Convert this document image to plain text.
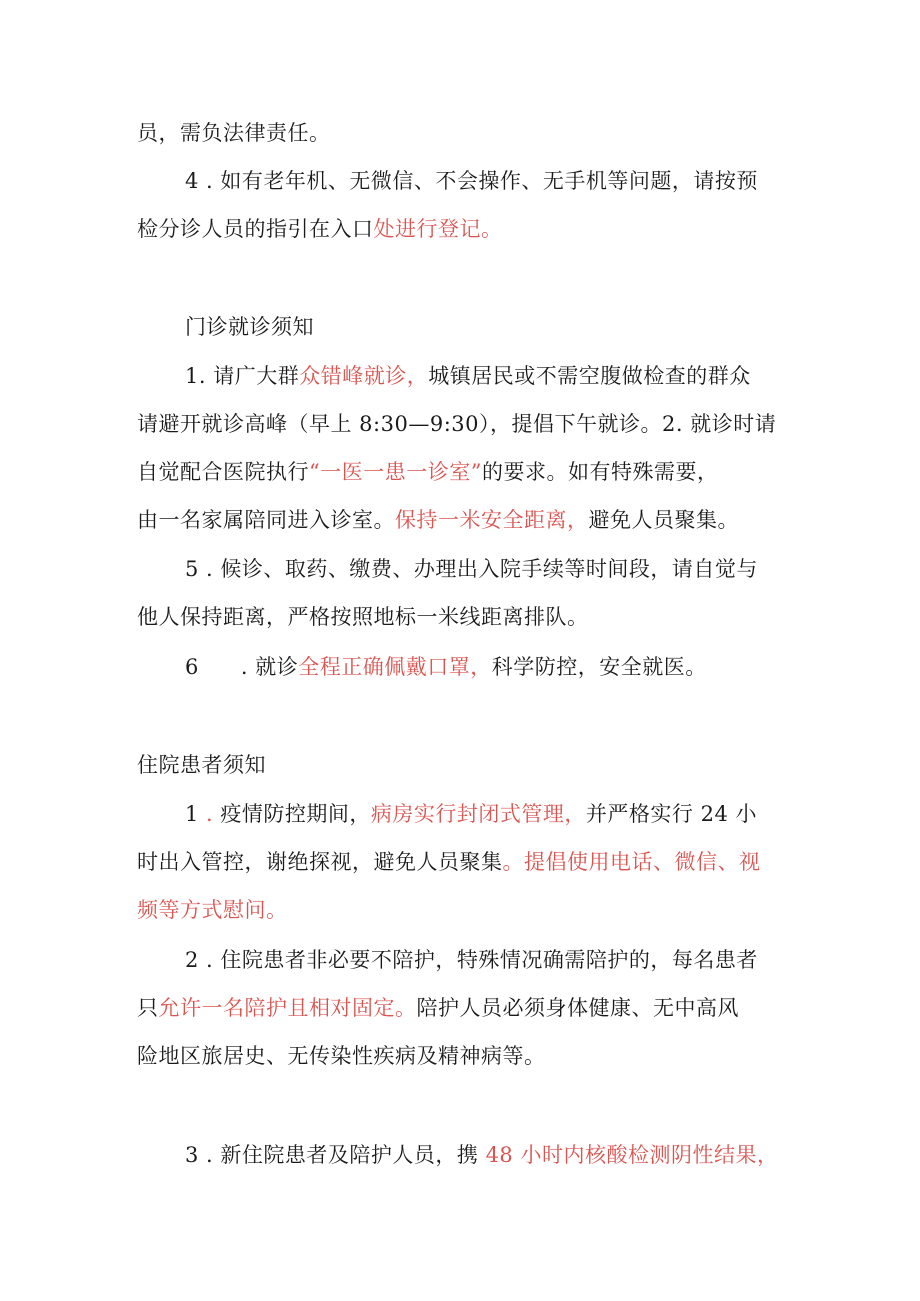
员，需负法律责任。
4 . 如有老年机、无微信、不会操作、无手机等问题，请按预
检分诊人员的指引在入口处进行登记。
门诊就诊须知
1. 请广大群众错峰就诊，城镇居民或不需空腹做检查的群众
请避开就诊高峰（早上 8:30—9:30），提倡下午就诊。2. 就诊时请
自觉配合医院执行“一医一患一诊室”的要求。如有特殊需要，
由一名家属陪同进入诊室。保持一米安全距离，避免人员聚集。
5 . 候诊、取药、缴费、办理出入院手续等时间段，请自觉与
他人保持距离，严格按照地标一米线距离排队。
6 . 就诊全程正确佩戴口罩，科学防控，安全就医。
住院患者须知
1 . 疫情防控期间，病房实行封闭式管理，并严格实行 24 小
时出入管控，谢绝探视，避免人员聚集。提倡使用电话、微信、视
频等方式慰问。
2 . 住院患者非必要不陪护，特殊情况确需陪护的，每名患者
只允许一名陪护且相对固定。陪护人员必须身体健康、无中高风
险地区旅居史、无传染性疾病及精神病等。
3 . 新住院患者及陪护人员，携 48 小时内核酸检测阴性结果，
